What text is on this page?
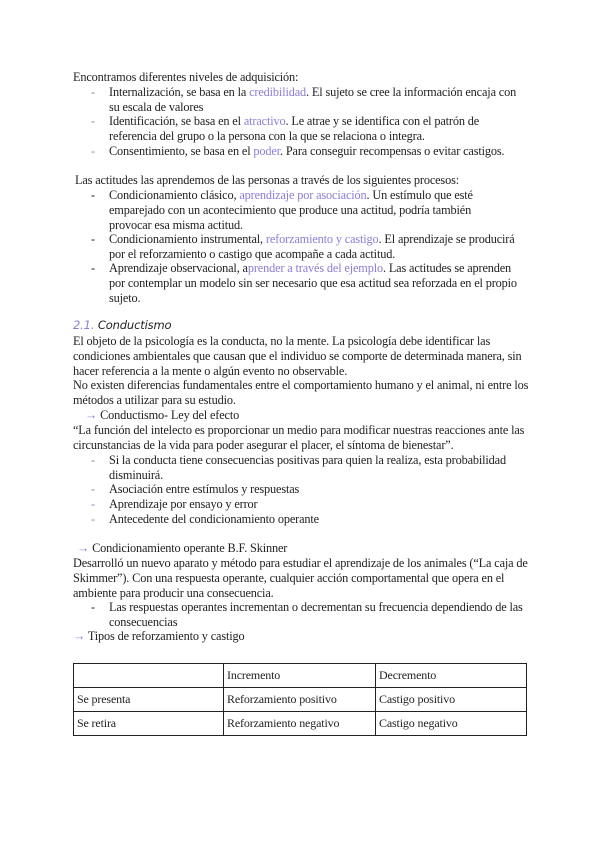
Encontramos diferentes niveles de adquisición:
- Internalización, se basa en la credibilidad. El sujeto se cree la información encaja con su escala de valores
- Identificación, se basa en el atractivo. Le atrae y se identifica con el patrón de referencia del grupo o la persona con la que se relaciona o integra.
- Consentimiento, se basa en el poder. Para conseguir recompensas o evitar castigos.
Las actitudes las aprendemos de las personas a través de los siguientes procesos:
- Condicionamiento clásico, aprendizaje por asociación. Un estímulo que esté emparejado con un acontecimiento que produce una actitud, podría también provocar esa misma actitud.
- Condicionamiento instrumental, reforzamiento y castigo. El aprendizaje se producirá por el reforzamiento o castigo que acompañe a cada actitud.
- Aprendizaje observacional, aprender a través del ejemplo. Las actitudes se aprenden por contemplar un modelo sin ser necesario que esa actitud sea reforzada en el propio sujeto.
2.1. Conductismo
El objeto de la psicología es la conducta, no la mente. La psicología debe identificar las condiciones ambientales que causan que el individuo se comporte de determinada manera, sin hacer referencia a la mente o algún evento no observable.
No existen diferencias fundamentales entre el comportamiento humano y el animal, ni entre los métodos a utilizar para su estudio.
→ Conductismo- Ley del efecto
“La función del intelecto es proporcionar un medio para modificar nuestras reacciones ante las circunstancias de la vida para poder asegurar el placer, el síntoma de bienestar”.
- Si la conducta tiene consecuencias positivas para quien la realiza, esta probabilidad disminuirá.
- Asociación entre estímulos y respuestas
- Aprendizaje por ensayo y error
- Antecedente del condicionamiento operante
→ Condicionamiento operante B.F. Skinner
Desarrolló un nuevo aparato y método para estudiar el aprendizaje de los animales (“La caja de Skimmer”). Con una respuesta operante, cualquier acción comportamental que opera en el ambiente para producir una consecuencia.
- Las respuestas operantes incrementan o decrementan su frecuencia dependiendo de las consecuencias
→ Tipos de reforzamiento y castigo
	Incremento	Decremento
Se presenta	Reforzamiento positivo	Castigo positivo
Se retira	Reforzamiento negativo	Castigo negativo
